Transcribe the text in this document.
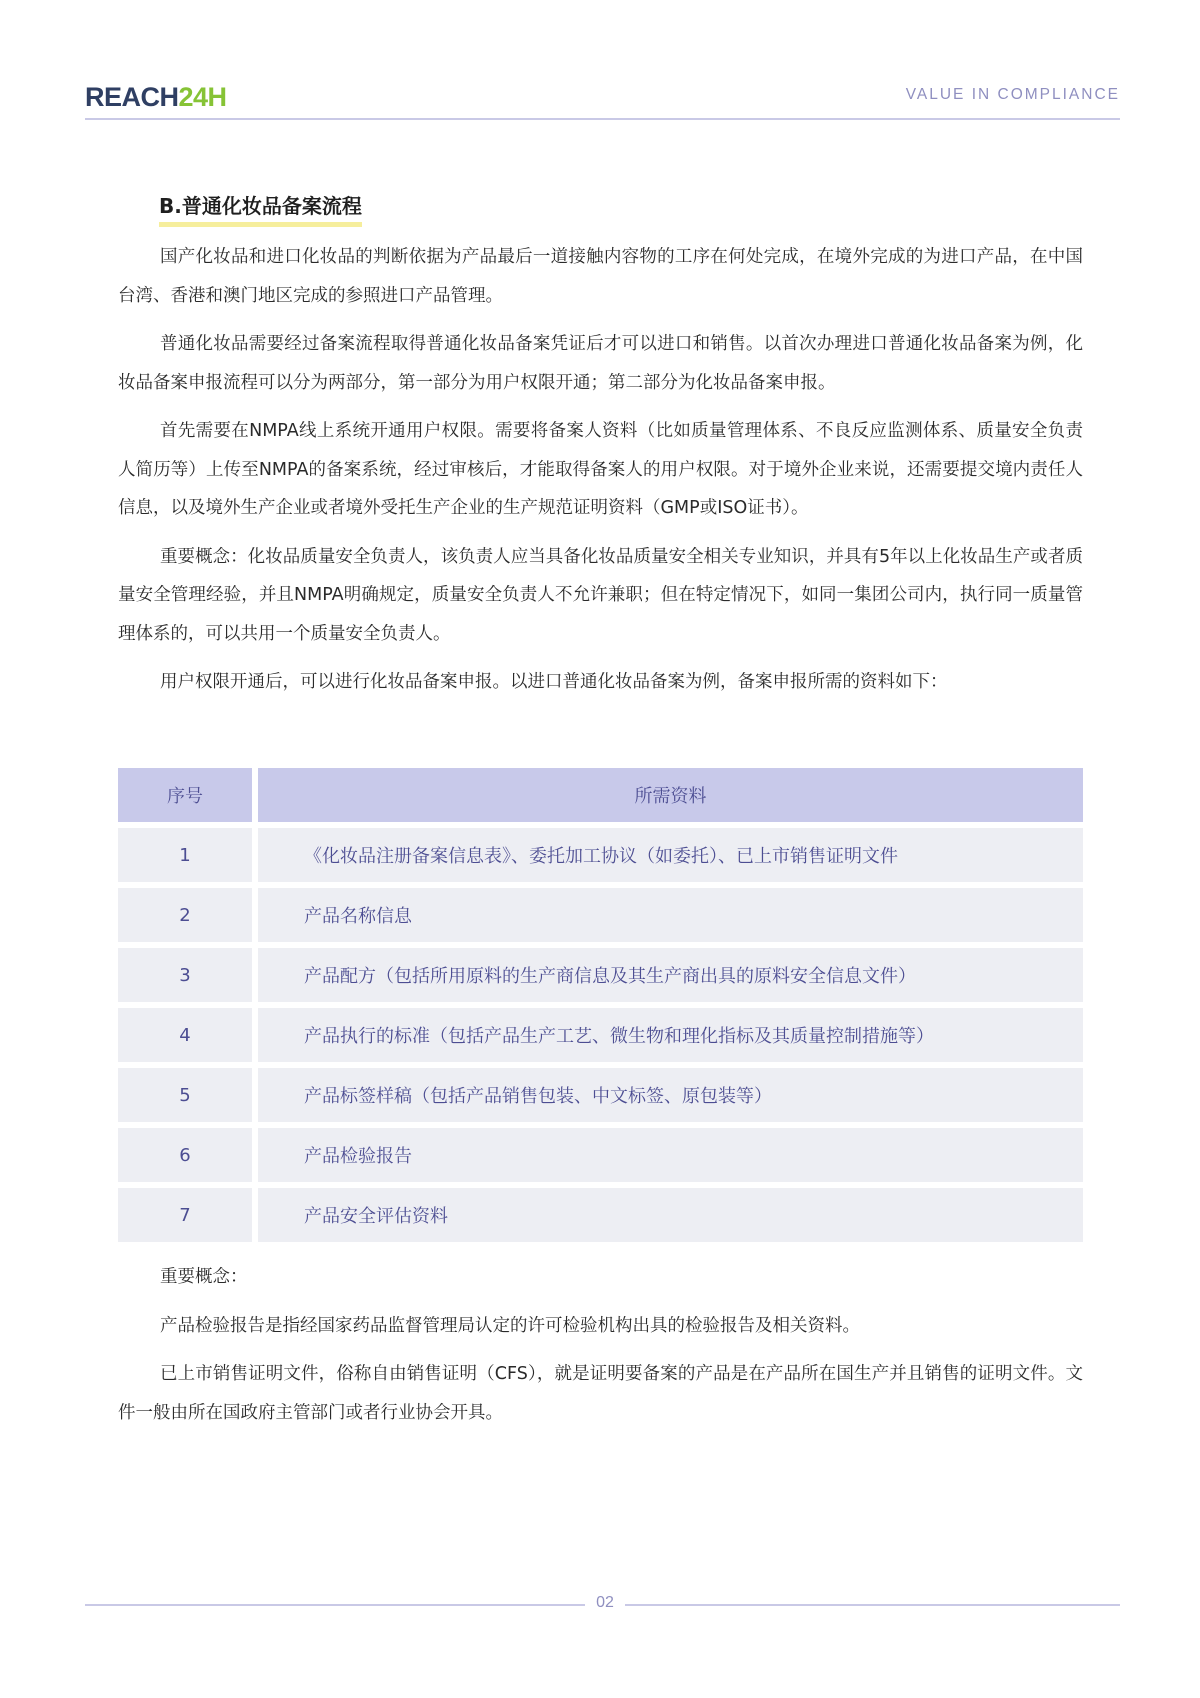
REACH24H	VALUE IN COMPLIANCE
B.普通化妆品备案流程

国产化妆品和进口化妆品的判断依据为产品最后一道接触内容物的工序在何处完成，在境外完成的为进口产品，在中国台湾、香港和澳门地区完成的参照进口产品管理。

普通化妆品需要经过备案流程取得普通化妆品备案凭证后才可以进口和销售。以首次办理进口普通化妆品备案为例，化妆品备案申报流程可以分为两部分，第一部分为用户权限开通；第二部分为化妆品备案申报。

首先需要在NMPA线上系统开通用户权限。需要将备案人资料（比如质量管理体系、不良反应监测体系、质量安全负责人简历等）上传至NMPA的备案系统，经过审核后，才能取得备案人的用户权限。对于境外企业来说，还需要提交境内责任人信息，以及境外生产企业或者境外受托生产企业的生产规范证明资料（GMP或ISO证书）。

重要概念：化妆品质量安全负责人，该负责人应当具备化妆品质量安全相关专业知识，并具有5年以上化妆品生产或者质量安全管理经验，并且NMPA明确规定，质量安全负责人不允许兼职；但在特定情况下，如同一集团公司内，执行同一质量管理体系的，可以共用一个质量安全负责人。

用户权限开通后，可以进行化妆品备案申报。以进口普通化妆品备案为例，备案申报所需的资料如下：

序号	所需资料
1	《化妆品注册备案信息表》、委托加工协议（如委托）、已上市销售证明文件
2	产品名称信息
3	产品配方（包括所用原料的生产商信息及其生产商出具的原料安全信息文件）
4	产品执行的标准（包括产品生产工艺、微生物和理化指标及其质量控制措施等）
5	产品标签样稿（包括产品销售包装、中文标签、原包装等）
6	产品检验报告
7	产品安全评估资料

重要概念：

产品检验报告是指经国家药品监督管理局认定的许可检验机构出具的检验报告及相关资料。

已上市销售证明文件，俗称自由销售证明（CFS），就是证明要备案的产品是在产品所在国生产并且销售的证明文件。文件一般由所在国政府主管部门或者行业协会开具。

02
